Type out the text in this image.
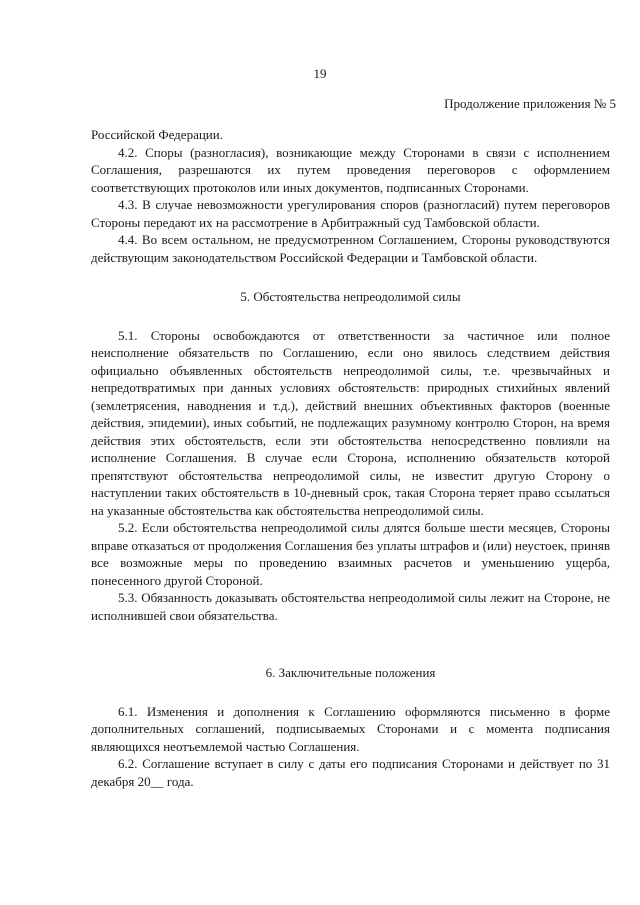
19
Продолжение приложения № 5

Российской Федерации.

4.2. Споры (разногласия), возникающие между Сторонами в связи с исполнением Соглашения, разрешаются их путем проведения переговоров с оформлением соответствующих протоколов или иных документов, подписанных Сторонами.

4.3. В случае невозможности урегулирования споров (разногласий) путем переговоров Стороны передают их на рассмотрение в Арбитражный суд Тамбовской области.

4.4. Во всем остальном, не предусмотренном Соглашением, Стороны руководствуются действующим законодательством Российской Федерации и Тамбовской области.

5. Обстоятельства непреодолимой силы

5.1. Стороны освобождаются от ответственности за частичное или полное неисполнение обязательств по Соглашению, если оно явилось следствием действия официально объявленных обстоятельств непреодолимой силы, т.е. чрезвычайных и непредотвратимых при данных условиях обстоятельств: природных стихийных явлений (землетрясения, наводнения и т.д.), действий внешних объективных факторов (военные действия, эпидемии), иных событий, не подлежащих разумному контролю Сторон, на время действия этих обстоятельств, если эти обстоятельства непосредственно повлияли на исполнение Соглашения. В случае если Сторона, исполнению обязательств которой препятствуют обстоятельства непреодолимой силы, не известит другую Сторону о наступлении таких обстоятельств в 10-дневный срок, такая Сторона теряет право ссылаться на указанные обстоятельства как обстоятельства непреодолимой силы.

5.2. Если обстоятельства непреодолимой силы длятся больше шести месяцев, Стороны вправе отказаться от продолжения Соглашения без уплаты штрафов и (или) неустоек, приняв все возможные меры по проведению взаимных расчетов и уменьшению ущерба, понесенного другой Стороной.

5.3. Обязанность доказывать обстоятельства непреодолимой силы лежит на Стороне, не исполнившей свои обязательства.

6. Заключительные положения

6.1. Изменения и дополнения к Соглашению оформляются письменно в форме дополнительных соглашений, подписываемых Сторонами и с момента подписания являющихся неотъемлемой частью Соглашения.

6.2. Соглашение вступает в силу с даты его подписания Сторонами и действует по 31 декабря 20__ года.
